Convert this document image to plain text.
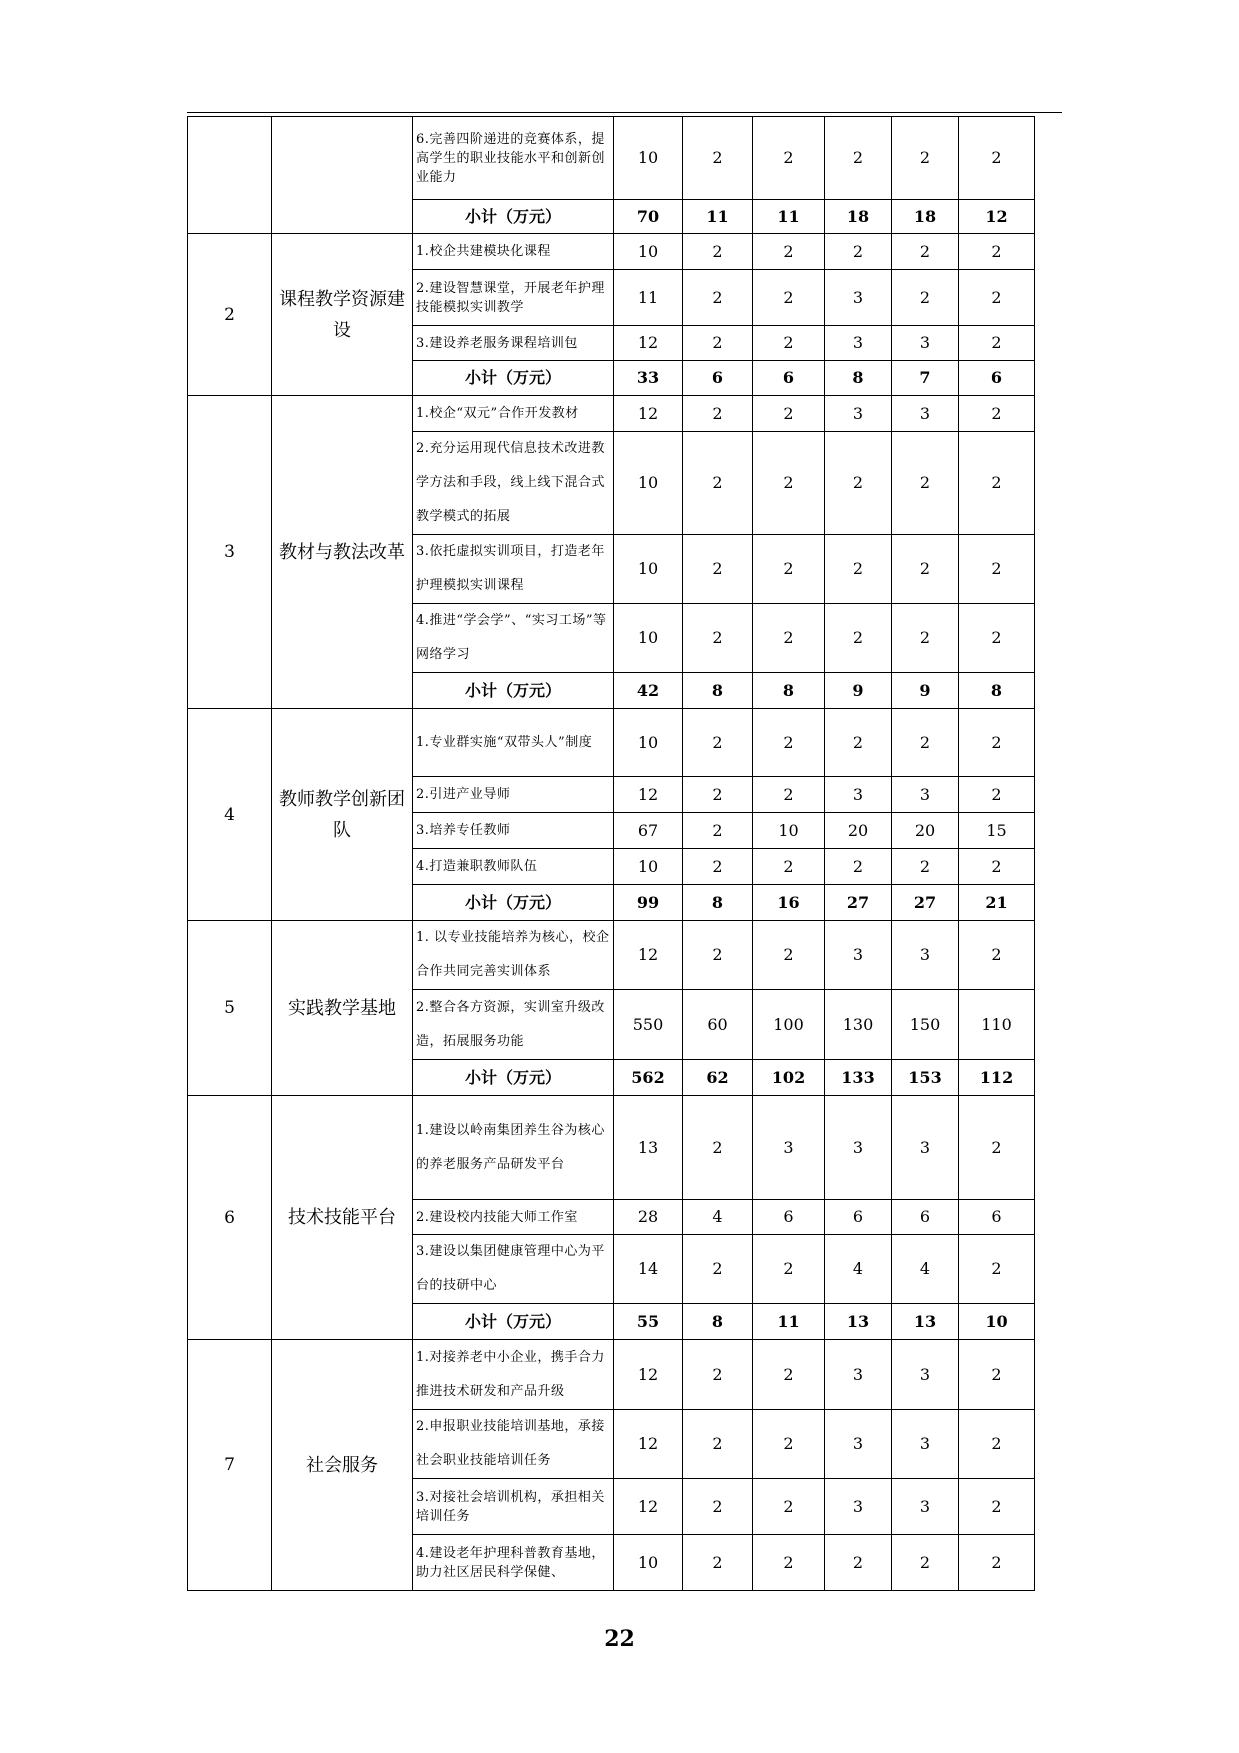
		6.完善四阶递进的竞赛体系，提高学生的职业技能水平和创新创业能力	10	2	2	2	2	2
		小计（万元）	70	11	11	18	18	12
2	课程教学资源建设	1.校企共建模块化课程	10	2	2	2	2	2
		2.建设智慧课堂，开展老年护理技能模拟实训教学	11	2	2	3	2	2
		3.建设养老服务课程培训包	12	2	2	3	3	2
		小计（万元）	33	6	6	8	7	6
3	教材与教法改革	1.校企“双元”合作开发教材	12	2	2	3	3	2
		2.充分运用现代信息技术改进教学方法和手段，线上线下混合式教学模式的拓展	10	2	2	2	2	2
		3.依托虚拟实训项目，打造老年护理模拟实训课程	10	2	2	2	2	2
		4.推进“学会学”、“实习工场”等网络学习	10	2	2	2	2	2
		小计（万元）	42	8	8	9	9	8
4	教师教学创新团队	1.专业群实施“双带头人”制度	10	2	2	2	2	2
		2.引进产业导师	12	2	2	3	3	2
		3.培养专任教师	67	2	10	20	20	15
		4.打造兼职教师队伍	10	2	2	2	2	2
		小计（万元）	99	8	16	27	27	21
5	实践教学基地	1. 以专业技能培养为核心，校企合作共同完善实训体系	12	2	2	3	3	2
		2.整合各方资源，实训室升级改造，拓展服务功能	550	60	100	130	150	110
		小计（万元）	562	62	102	133	153	112
6	技术技能平台	1.建设以岭南集团养生谷为核心的养老服务产品研发平台	13	2	3	3	3	2
		2.建设校内技能大师工作室	28	4	6	6	6	6
		3.建设以集团健康管理中心为平台的技研中心	14	2	2	4	4	2
		小计（万元）	55	8	11	13	13	10
7	社会服务	1.对接养老中小企业，携手合力推进技术研发和产品升级	12	2	2	3	3	2
		2.申报职业技能培训基地，承接社会职业技能培训任务	12	2	2	3	3	2
		3.对接社会培训机构，承担相关培训任务	12	2	2	3	3	2
		4.建设老年护理科普教育基地，助力社区居民科学保健、	10	2	2	2	2	2
22
